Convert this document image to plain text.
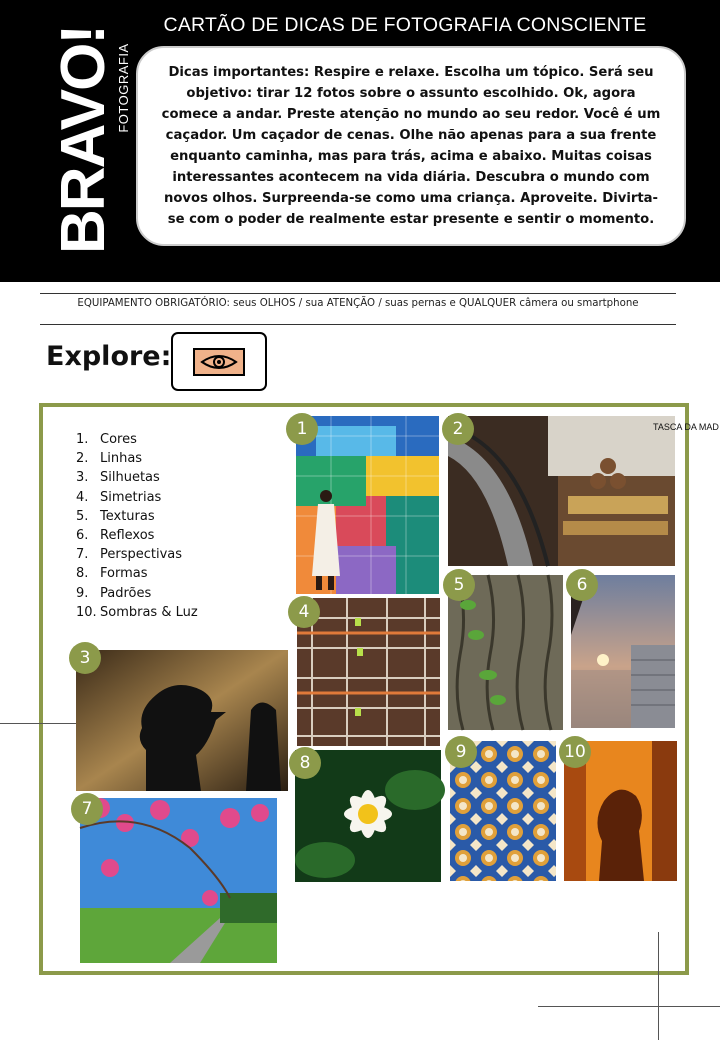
BRAVO!
FOTOGRAFIA
CARTÃO DE DICAS DE FOTOGRAFIA CONSCIENTE
Dicas importantes: Respire e relaxe. Escolha um tópico. Será seu objetivo: tirar 12 fotos sobre o assunto escolhido. Ok, agora comece a andar. Preste atenção no mundo ao seu redor. Você é um caçador. Um caçador de cenas. Olhe não apenas para a sua frente enquanto caminha, mas para trás, acima e abaixo. Muitas coisas interessantes acontecem na vida diária. Descubra o mundo com novos olhos. Surpreenda-se como uma criança. Aproveite. Divirta-se com o poder de realmente estar presente e sentir o momento.
EQUIPAMENTO OBRIGATÓRIO: seus OLHOS / sua ATENÇÃO / suas pernas e QUALQUER câmera ou smartphone
Explore:
1. Cores
2. Linhas
3. Silhuetas
4. Simetrias
5. Texturas
6. Reflexos
7. Perspectivas
8. Formas
9. Padrões
10. Sombras & Luz
TASCA DA MAD
1	2
3
4
5	6
7
8
9	10
